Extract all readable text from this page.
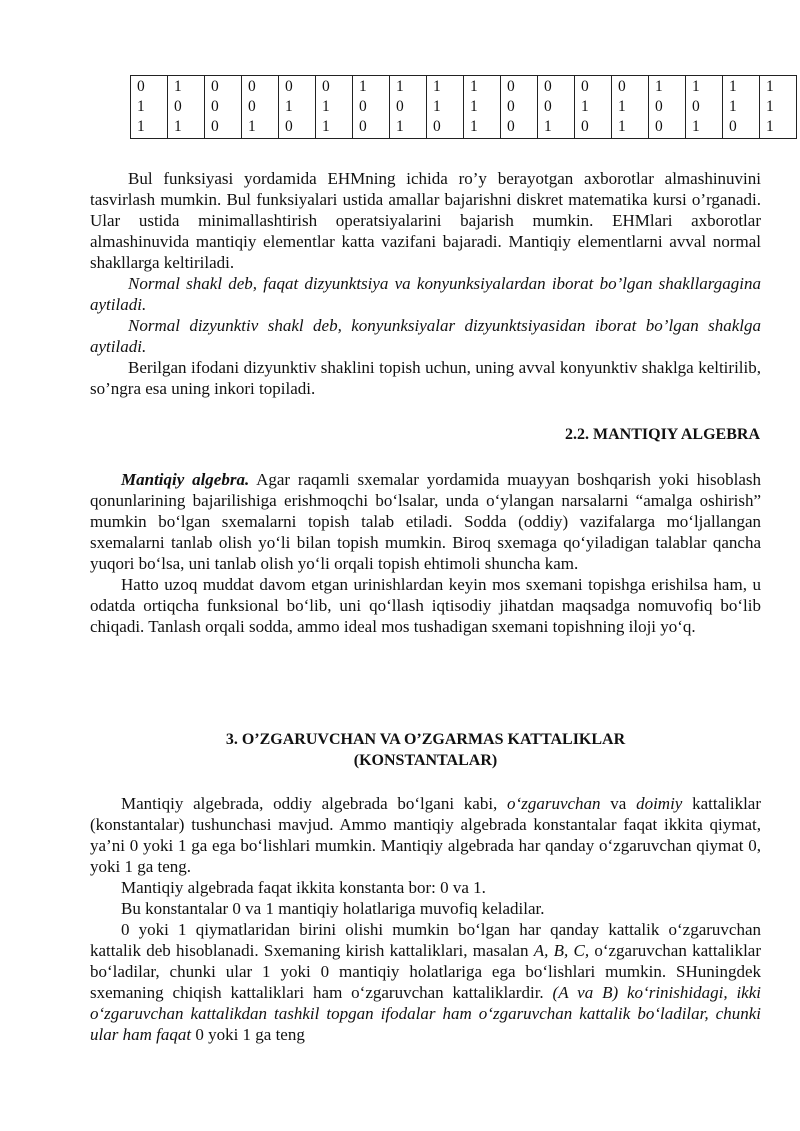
0
1
1

1
0
1

0
0
0

0
0
1

0
1
0

0
1
1

1
0
0

1
0
1

1
1
0

1
1
1

0
0
0

0
0
1

0
1
0

0
1
1

1
0
0

1
0
1

1
1
0

1
1
1

Bul funksiyasi yordamida EHMning ichida ro’y berayotgan axborotlar almashinuvini tasvirlash mumkin. Bul funksiyalari ustida amallar bajarishni diskret matematika kursi o’rganadi. Ular ustida minimallashtirish operatsiyalarini bajarish mumkin. EHMlari axborotlar almashinuvida mantiqiy elementlar katta vazifani bajaradi. Mantiqiy elementlarni avval normal shakllarga keltiriladi.

Normal shakl deb, faqat dizyunktsiya va konyunksiyalardan iborat bo’lgan shakllargagina aytiladi.

Normal dizyunktiv shakl deb, konyunksiyalar dizyunktsiyasidan iborat bo’lgan shaklga aytiladi.

Berilgan ifodani dizyunktiv shaklini topish uchun, uning avval konyunktiv shaklga keltirilib, so’ngra esa uning inkori topiladi.

2.2. MANTIQIY ALGEBRA

Mantiqiy algebra. Agar raqamli sxemalar yordamida muayyan boshqarish yoki hisoblash qonunlarining bajarilishiga erishmoqchi bo‘lsalar, unda o‘ylangan narsalarni “amalga oshirish” mumkin bo‘lgan sxemalarni topish talab etiladi. Sodda (oddiy) vazifalarga mo‘ljallangan sxemalarni tanlab olish yo‘li bilan topish mumkin. Biroq sxemaga qo‘yiladigan talablar qancha yuqori bo‘lsa, uni tanlab olish yo‘li orqali topish ehtimoli shuncha kam.

Hatto uzoq muddat davom etgan urinishlardan keyin mos sxemani topishga erishilsa ham, u odatda ortiqcha funksional bo‘lib, uni qo‘llash iqtisodiy jihatdan maqsadga nomuvofiq bo‘lib chiqadi. Tanlash orqali sodda, ammo ideal mos tushadigan sxemani topishning iloji yo‘q.

3. O’ZGARUVCHAN VA O’ZGARMAS KATTALIKLAR
(KONSTANTALAR)

Mantiqiy algebrada, oddiy algebrada bo‘lgani kabi, o‘zgaruvchan va doimiy kattaliklar (konstantalar) tushunchasi mavjud. Ammo mantiqiy algebrada konstantalar faqat ikkita qiymat, ya’ni 0 yoki 1 ga ega bo‘lishlari mumkin. Mantiqiy algebrada har qanday o‘zgaruvchan qiymat 0, yoki 1 ga teng.

Mantiqiy algebrada faqat ikkita konstanta bor: 0 va 1.

Bu konstantalar 0 va 1 mantiqiy holatlariga muvofiq keladilar.

0 yoki 1 qiymatlaridan birini olishi mumkin bo‘lgan har qanday kattalik o‘zgaruvchan kattalik deb hisoblanadi. Sxemaning kirish kattaliklari, masalan A, B, C, o‘zgaruvchan kattaliklar bo‘ladilar, chunki ular 1 yoki 0 mantiqiy holatlariga ega bo‘lishlari mumkin. SHuningdek sxemaning chiqish kattaliklari ham o‘zgaruvchan kattaliklardir. (A va B) ko‘rinishidagi, ikki o‘zgaruvchan kattalikdan tashkil topgan ifodalar ham o‘zgaruvchan kattalik bo‘ladilar, chunki ular ham faqat 0 yoki 1 ga teng
